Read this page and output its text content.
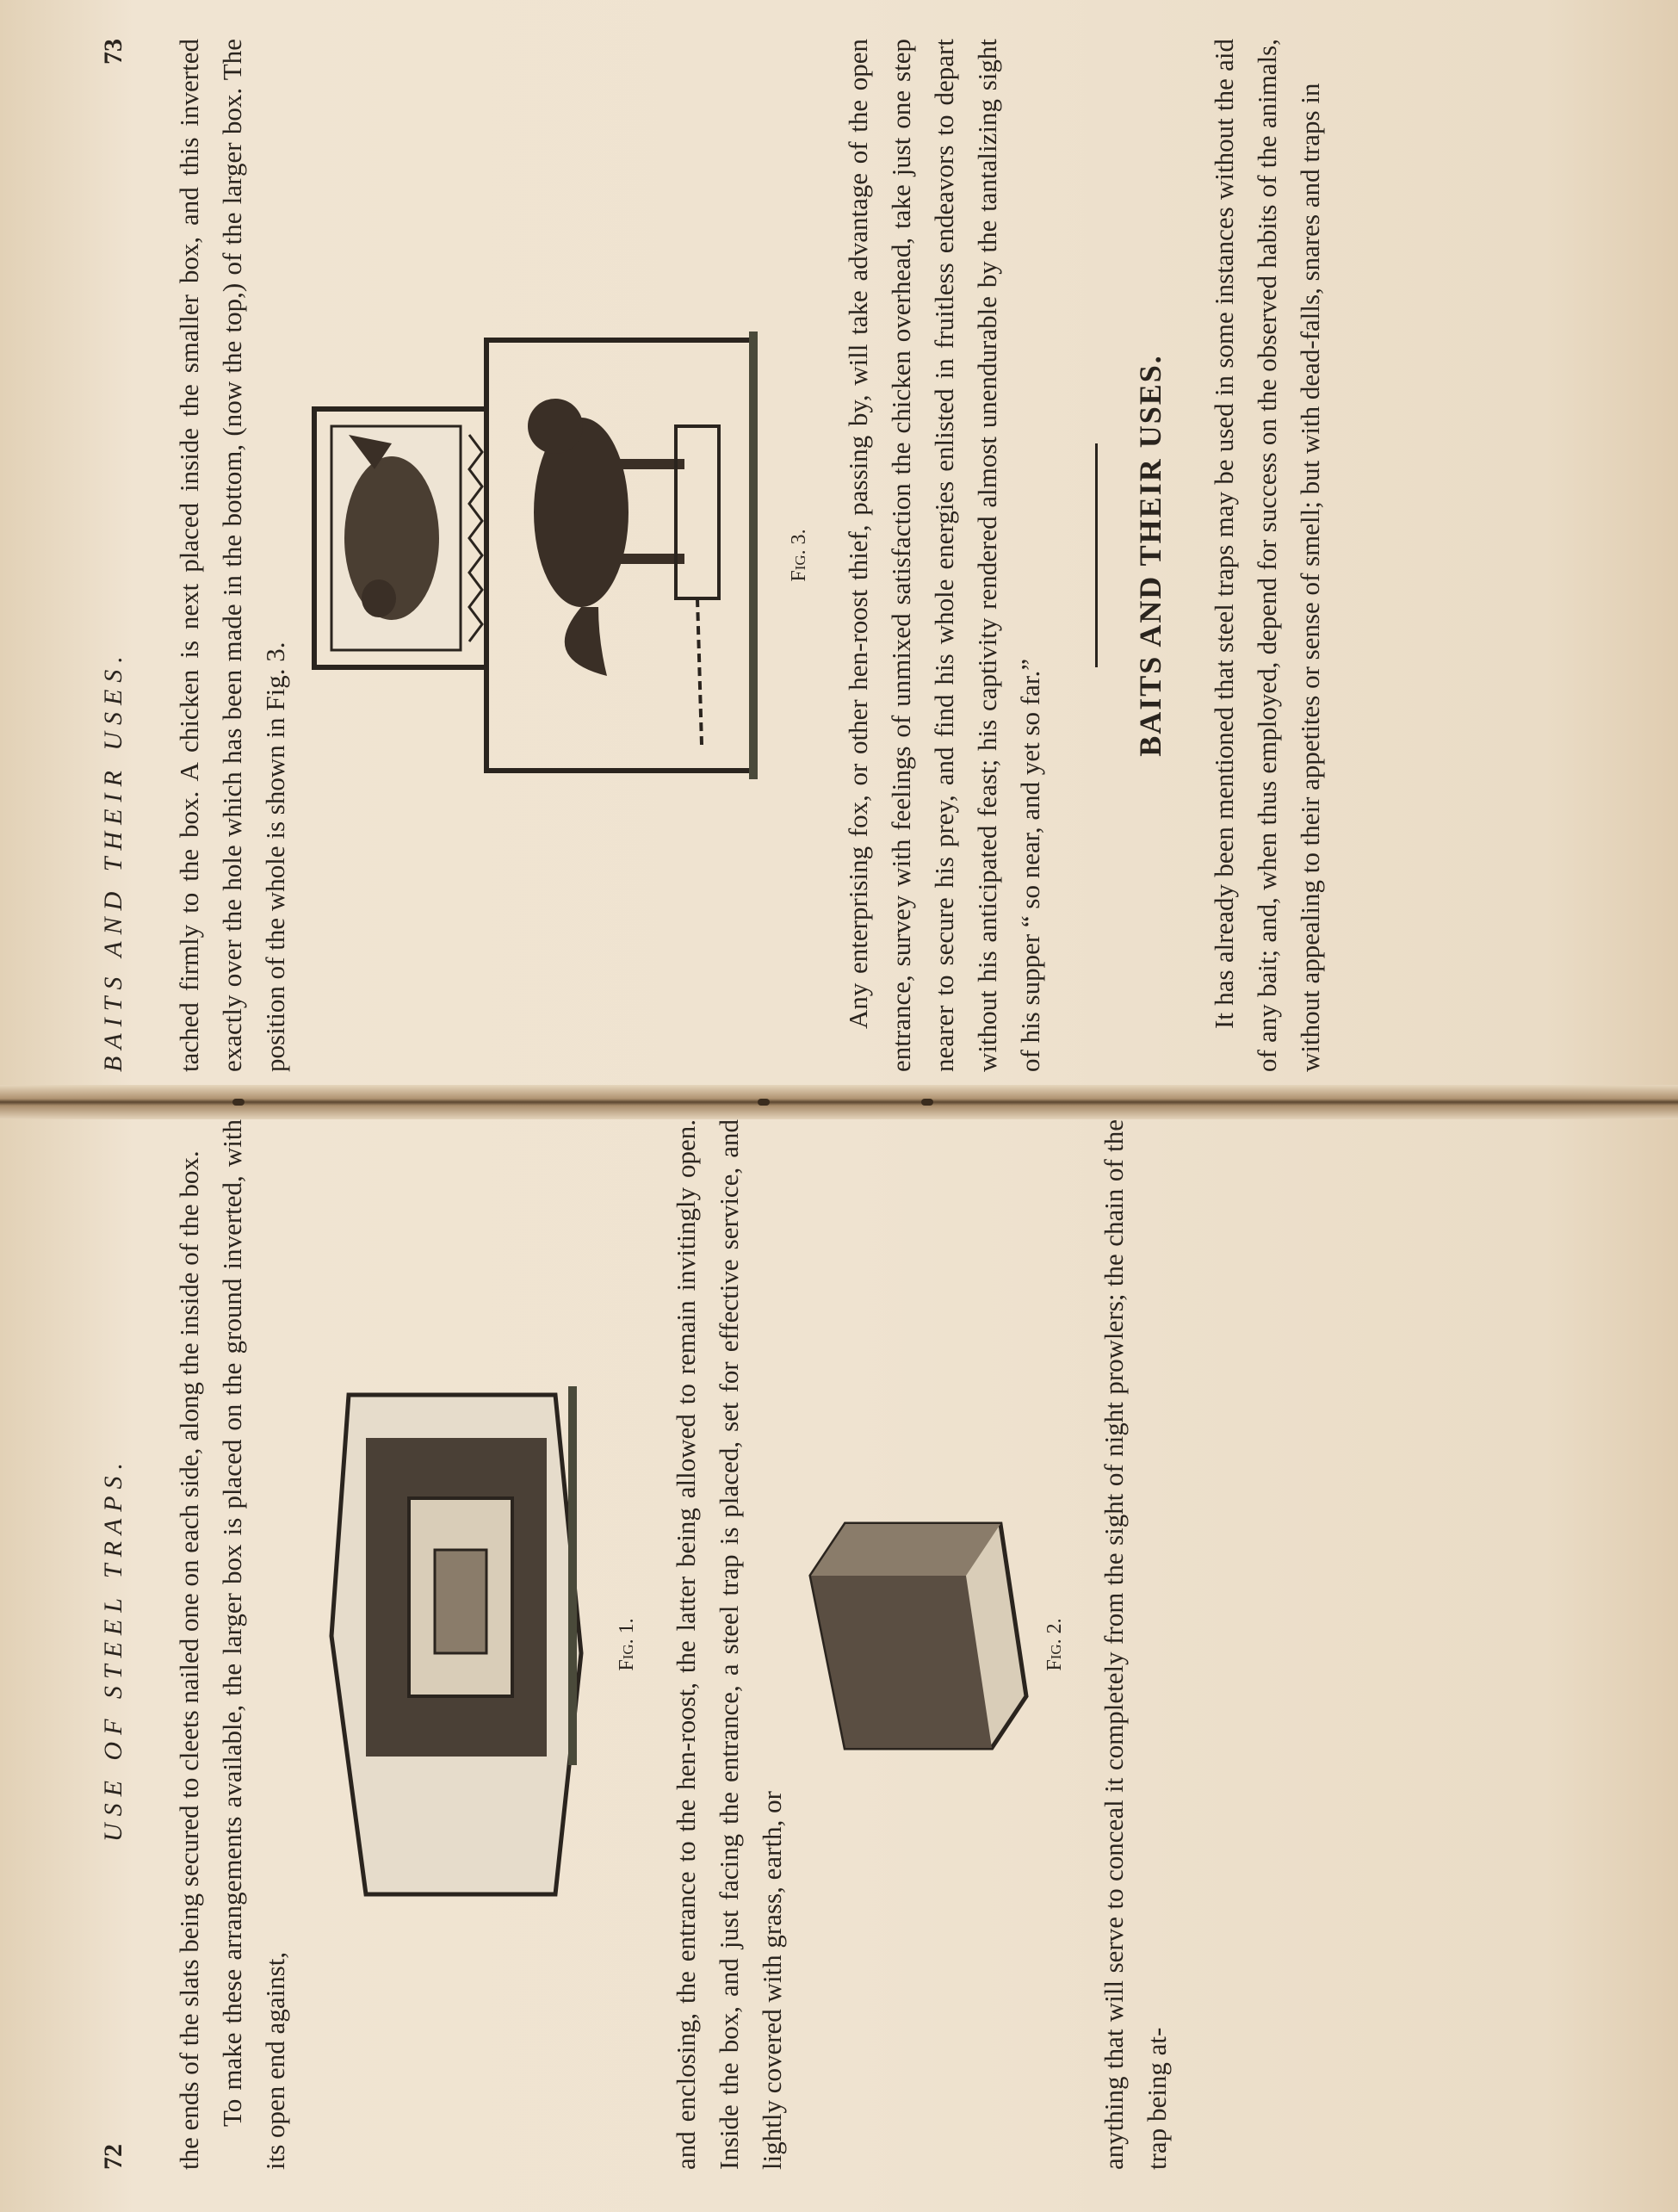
BAITS AND THEIR USES.
73 tached firmly to the box. A chicken is next placed inside the smaller box, and this inverted exactly over the hole which has been made in the bottom, (now the top,) of the larger box. The position of the whole is shown in Fig. 3.

Fig. 3. Any enterprising fox, or other hen-roost thief, passing by, will take advantage of the open entrance, survey with feelings of unmixed satisfaction the chicken overhead, take just one step nearer to secure his prey, and find his whole energies enlisted in fruitless endeavors to depart without his anticipated feast; his captivity rendered almost unendurable by the tantalizing sight of his supper “ so near, and yet so far.”

BAITS AND THEIR USES. It has already been mentioned that steel traps may be used in some instances without the aid of any bait; and, when thus employed, depend for success on the observed habits of the animals, without appealing to their appetites or sense of smell; but with dead-falls, snares and traps in

72
USE OF STEEL TRAPS. the ends of the slats being secured to cleets nailed one on each side, along the inside of the box. To make these arrangements available, the larger box is placed on the ground inverted, with its open end against,

Fig. 1. and enclosing, the entrance to the hen-roost, the latter being allowed to remain invitingly open. Inside the box, and just facing the entrance, a steel trap is placed, set for effective service, and lightly covered with grass, earth, or

Fig. 2. anything that will serve to conceal it completely from the sight of night prowlers; the chain of the trap being at-
